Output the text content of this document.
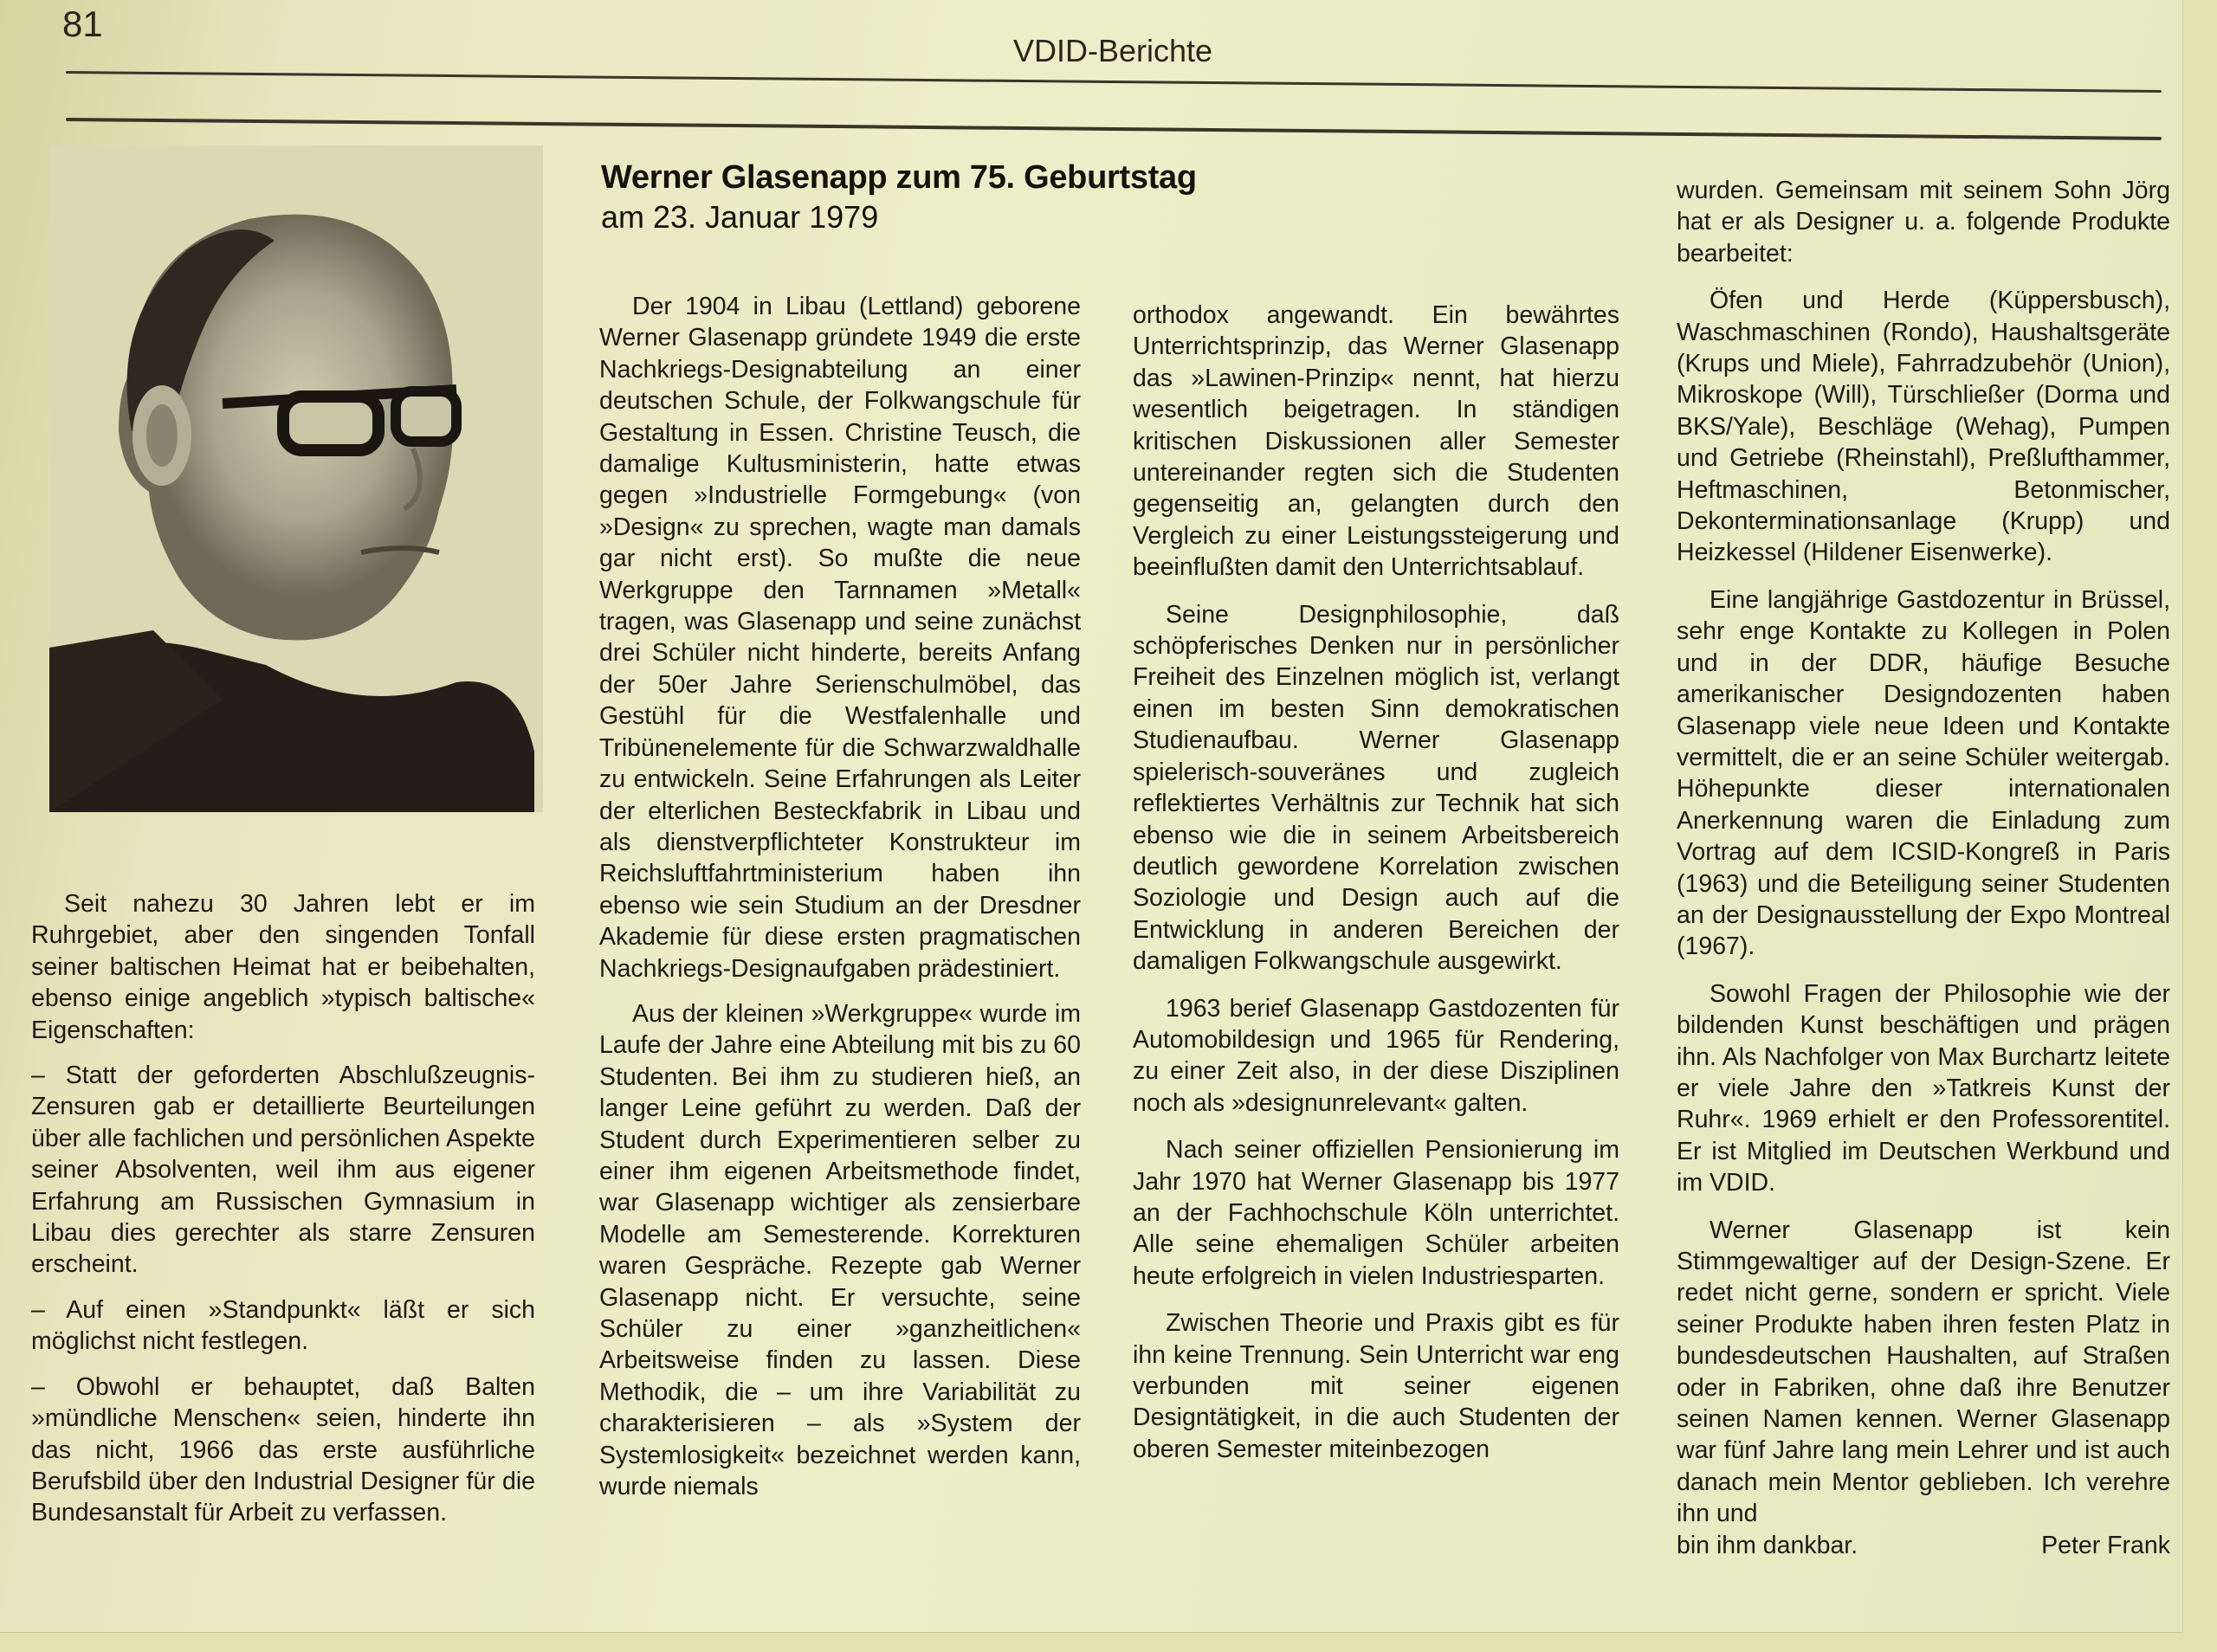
81
VDID-Berichte
Werner Glasenapp zum 75. Geburtstag
am 23. Januar 1979

Seit nahezu 30 Jahren lebt er im Ruhrgebiet, aber den singenden Tonfall seiner baltischen Heimat hat er beibehalten, ebenso einige angeblich »typisch baltische« Eigenschaften:

– Statt der geforderten Abschlußzeugnis-Zensuren gab er detaillierte Beurteilungen über alle fachlichen und persönlichen Aspekte seiner Absolventen, weil ihm aus eigener Erfahrung am Russischen Gymnasium in Libau dies gerechter als starre Zensuren erscheint.

– Auf einen »Standpunkt« läßt er sich möglichst nicht festlegen.

– Obwohl er behauptet, daß Balten »mündliche Menschen« seien, hinderte ihn das nicht, 1966 das erste ausführliche Berufsbild über den Industrial Designer für die Bundesanstalt für Arbeit zu verfassen.

Der 1904 in Libau (Lettland) geborene Werner Glasenapp gründete 1949 die erste Nachkriegs-Designabteilung an einer deutschen Schule, der Folkwangschule für Gestaltung in Essen. Christine Teusch, die damalige Kultusministerin, hatte etwas gegen »Industrielle Formgebung« (von »Design« zu sprechen, wagte man damals gar nicht erst). So mußte die neue Werkgruppe den Tarnnamen »Metall« tragen, was Glasenapp und seine zunächst drei Schüler nicht hinderte, bereits Anfang der 50er Jahre Serienschulmöbel, das Gestühl für die Westfalenhalle und Tribünenelemente für die Schwarzwaldhalle zu entwickeln. Seine Erfahrungen als Leiter der elterlichen Besteckfabrik in Libau und als dienstverpflichteter Konstrukteur im Reichsluftfahrtministerium haben ihn ebenso wie sein Studium an der Dresdner Akademie für diese ersten pragmatischen Nachkriegs-Designaufgaben prädestiniert.

Aus der kleinen »Werkgruppe« wurde im Laufe der Jahre eine Abteilung mit bis zu 60 Studenten. Bei ihm zu studieren hieß, an langer Leine geführt zu werden. Daß der Student durch Experimentieren selber zu einer ihm eigenen Arbeitsmethode findet, war Glasenapp wichtiger als zensierbare Modelle am Semesterende. Korrekturen waren Gespräche. Rezepte gab Werner Glasenapp nicht. Er versuchte, seine Schüler zu einer »ganzheitlichen« Arbeitsweise finden zu lassen. Diese Methodik, die – um ihre Variabilität zu charakterisieren – als »System der Systemlosigkeit« bezeichnet werden kann, wurde niemals

orthodox angewandt. Ein bewährtes Unterrichtsprinzip, das Werner Glasenapp das »Lawinen-Prinzip« nennt, hat hierzu wesentlich beigetragen. In ständigen kritischen Diskussionen aller Semester untereinander regten sich die Studenten gegenseitig an, gelangten durch den Vergleich zu einer Leistungssteigerung und beeinflußten damit den Unterrichtsablauf.

Seine Designphilosophie, daß schöpferisches Denken nur in persönlicher Freiheit des Einzelnen möglich ist, verlangt einen im besten Sinn demokratischen Studienaufbau. Werner Glasenapp spielerisch-souveränes und zugleich reflektiertes Verhältnis zur Technik hat sich ebenso wie die in seinem Arbeitsbereich deutlich gewordene Korrelation zwischen Soziologie und Design auch auf die Entwicklung in anderen Bereichen der damaligen Folkwangschule ausgewirkt.

1963 berief Glasenapp Gastdozenten für Automobildesign und 1965 für Rendering, zu einer Zeit also, in der diese Disziplinen noch als »designunrelevant« galten.

Nach seiner offiziellen Pensionierung im Jahr 1970 hat Werner Glasenapp bis 1977 an der Fachhochschule Köln unterrichtet. Alle seine ehemaligen Schüler arbeiten heute erfolgreich in vielen Industriesparten.

Zwischen Theorie und Praxis gibt es für ihn keine Trennung. Sein Unterricht war eng verbunden mit seiner eigenen Designtätigkeit, in die auch Studenten der oberen Semester miteinbezogen

wurden. Gemeinsam mit seinem Sohn Jörg hat er als Designer u. a. folgende Produkte bearbeitet:

Öfen und Herde (Küppersbusch), Waschmaschinen (Rondo), Haushaltsgeräte (Krups und Miele), Fahrradzubehör (Union), Mikroskope (Will), Türschließer (Dorma und BKS/Yale), Beschläge (Wehag), Pumpen und Getriebe (Rheinstahl), Preßlufthammer, Heftmaschinen, Betonmischer, Dekonterminationsanlage (Krupp) und Heizkessel (Hildener Eisenwerke).

Eine langjährige Gastdozentur in Brüssel, sehr enge Kontakte zu Kollegen in Polen und in der DDR, häufige Besuche amerikanischer Designdozenten haben Glasenapp viele neue Ideen und Kontakte vermittelt, die er an seine Schüler weitergab. Höhepunkte dieser internationalen Anerkennung waren die Einladung zum Vortrag auf dem ICSID-Kongreß in Paris (1963) und die Beteiligung seiner Studenten an der Designausstellung der Expo Montreal (1967).

Sowohl Fragen der Philosophie wie der bildenden Kunst beschäftigen und prägen ihn. Als Nachfolger von Max Burchartz leitete er viele Jahre den »Tatkreis Kunst der Ruhr«. 1969 erhielt er den Professorentitel. Er ist Mitglied im Deutschen Werkbund und im VDID.

Werner Glasenapp ist kein Stimmgewaltiger auf der Design-Szene. Er redet nicht gerne, sondern er spricht. Viele seiner Produkte haben ihren festen Platz in bundesdeutschen Haushalten, auf Straßen oder in Fabriken, ohne daß ihre Benutzer seinen Namen kennen. Werner Glasenapp war fünf Jahre lang mein Lehrer und ist auch danach mein Mentor geblieben. Ich verehre ihn und

bin ihm dankbar.	Peter Frank
